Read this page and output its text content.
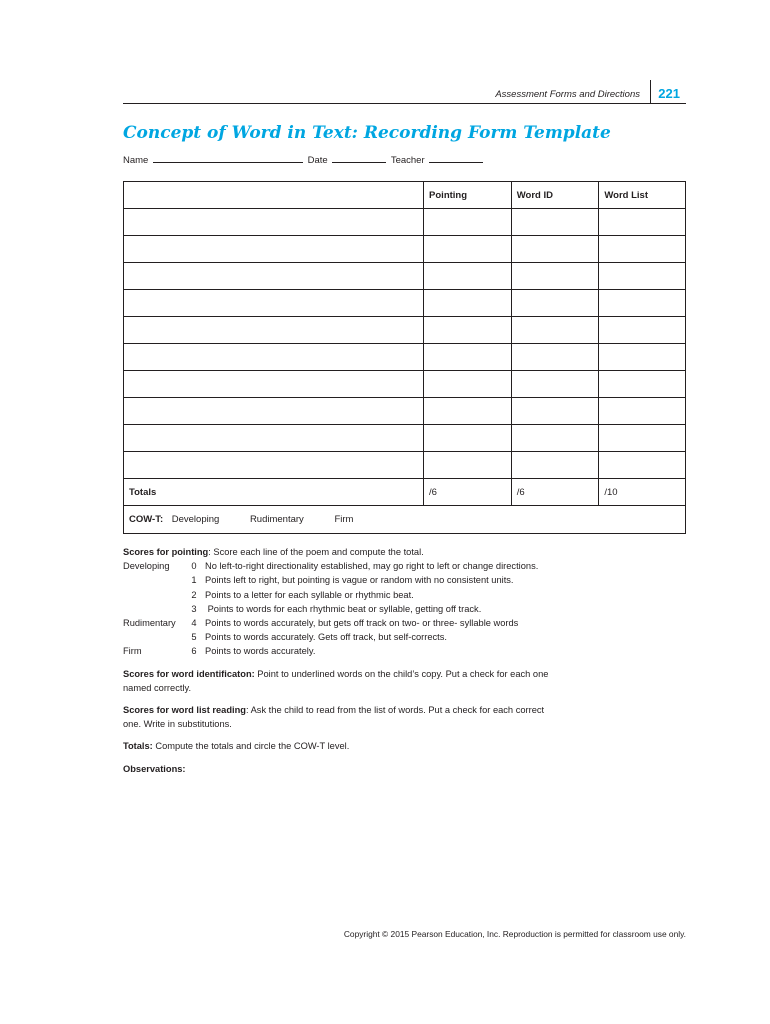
Assessment Forms and Directions 221
Concept of Word in Text: Recording Form Template
Name	Date	Teacher
	Pointing	Word ID	Word List

Totals	/6	/6	/10
COW-T: Developing Rudimentary Firm			
Scores for pointing: Score each line of the poem and compute the total.
Developing	0 No left-to-right directionality established, may go right to left or change directions.
1 Points left to right, but pointing is vague or random with no consistent units.
2 Points to a letter for each syllable or rhythmic beat.
3 Points to words for each rhythmic beat or syllable, getting off track.
Rudimentary	4 Points to words accurately, but gets off track on two- or three- syllable words
5 Points to words accurately. Gets off track, but self-corrects.
Firm	6 Points to words accurately.

Scores for word identificaton: Point to underlined words on the child’s copy. Put a check for each one named correctly.

Scores for word list reading: Ask the child to read from the list of words. Put a check for each correct one. Write in substitutions.

Totals: Compute the totals and circle the COW-T level.

Observations:

Copyright © 2015 Pearson Education, Inc. Reproduction is permitted for classroom use only.
